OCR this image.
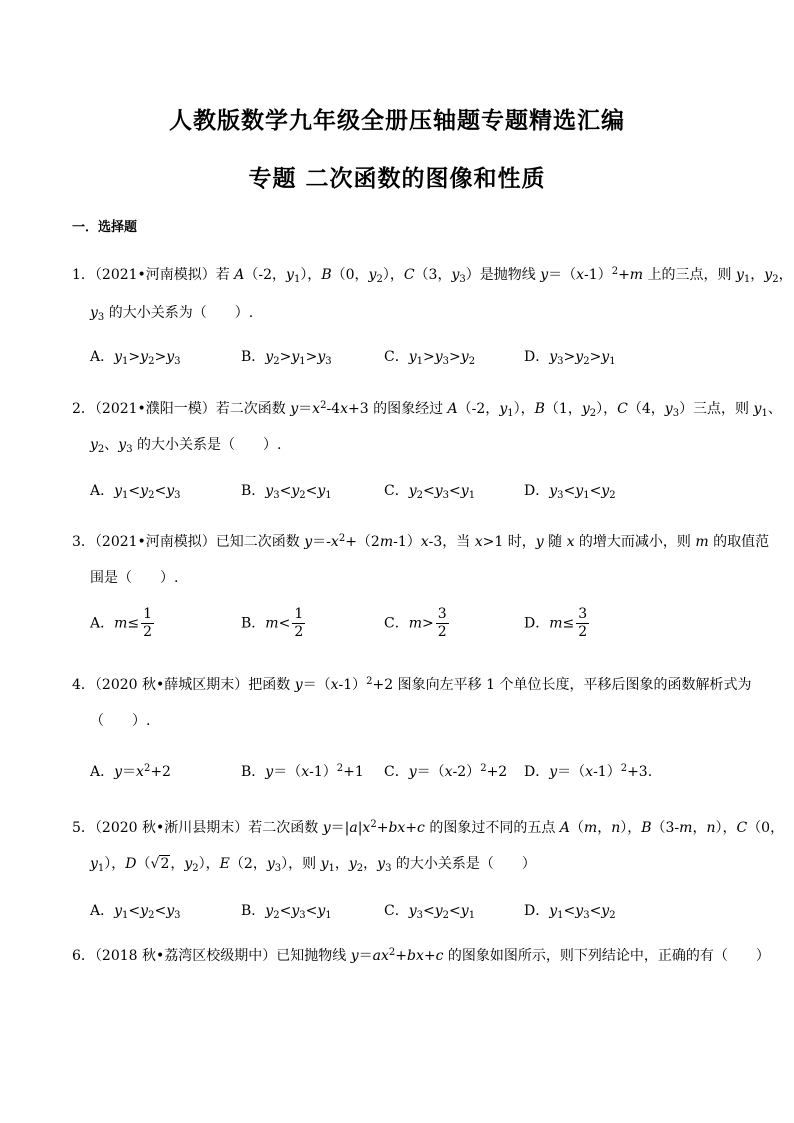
人教版数学九年级全册压轴题专题精选汇编
专题 二次函数的图像和性质
一．选择题
1．（2021•河南模拟）若 A（-2，$y_1$），B（0，$y_2$），C（3，$y_3$）是抛物线 $y=(x-1)^2+m$ 上的三点，则 $y_1$，$y_2$，
$y_3$ 的大小关系为（　　）.
A．$y_1>y_2>y_3$	B．$y_2>y_1>y_3$	C．$y_1>y_3>y_2$	D．$y_3>y_2>y_1$
2．（2021•濮阳一模）若二次函数 $y=x^2-4x+3$ 的图象经过 A（-2，$y_1$），B（1，$y_2$），C（4，$y_3$）三点，则 $y_1$、
$y_2$、$y_3$ 的大小关系是（　　）.
A．$y_1<y_2<y_3$	B．$y_3<y_2<y_1$	C．$y_2<y_3<y_1$	D．$y_3<y_1<y_2$
3．（2021•河南模拟）已知二次函数 $y=-x^2+(2m-1)x-3$，当 x>1 时，y 随 x 的增大而减小，则 m 的取值范
围是（　　）.
A．$m\le \frac{1}{2}$	B．$m< \frac{1}{2}$	C．$m> \frac{3}{2}$	D．$m\le \frac{3}{2}$
4．（2020 秋•薛城区期末）把函数 $y=(x-1)^2+2$ 图象向左平移 1 个单位长度，平移后图象的函数解析式为
（　　）.
A．$y=x^2+2$	B．$y=(x-1)^2+1$ C．$y=(x-2)^2+2$ D．$y=(x-1)^2+3$.
5．（2020 秋•淅川县期末）若二次函数 $y=|a|x^2+bx+c$ 的图象过不同的五点 A（m，n），B（3-m，n），C（0，
$y_1$），D（√2，$y_2$），E（2，$y_3$），则 $y_1$，$y_2$，$y_3$ 的大小关系是（　　）
A．$y_1<y_2<y_3$	B．$y_2<y_3<y_1$	C．$y_3<y_2<y_1$	D．$y_1<y_3<y_2$
6．（2018 秋•荔湾区校级期中）已知抛物线 $y=ax^2+bx+c$ 的图象如图所示，则下列结论中，正确的有（　　）
